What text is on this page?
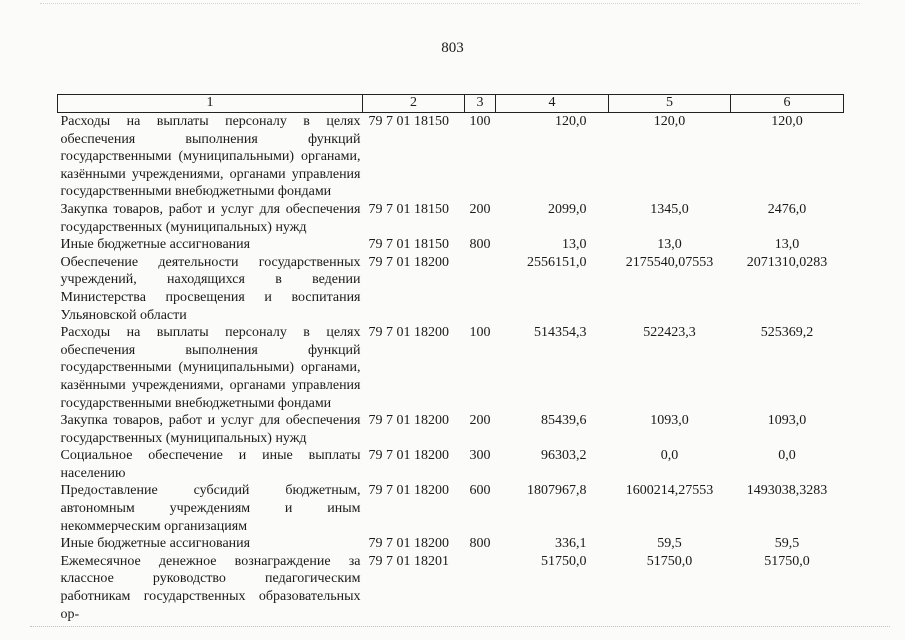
803
1	2	3	4	5	6
Расходы на выплаты персоналу в целях обеспечения выполнения функций государственными (муниципальными) органами, казёнными учреждениями, органами управления государственными внебюджетными фондами	79 7 01 18150	100	120,0	120,0	120,0
Закупка товаров, работ и услуг для обеспечения государственных (муниципальных) нужд	79 7 01 18150	200	2099,0	1345,0	2476,0
Иные бюджетные ассигнования	79 7 01 18150	800	13,0	13,0	13,0
Обеспечение деятельности государственных учреждений, находящихся в ведении Министерства просвещения и воспитания Ульяновской области	79 7 01 18200		2556151,0	2175540,07553	2071310,0283
Расходы на выплаты персоналу в целях обеспечения выполнения функций государственными (муниципальными) органами, казёнными учреждениями, органами управления государственными внебюджетными фондами	79 7 01 18200	100	514354,3	522423,3	525369,2
Закупка товаров, работ и услуг для обеспечения государственных (муниципальных) нужд	79 7 01 18200	200	85439,6	1093,0	1093,0
Социальное обеспечение и иные выплаты населению	79 7 01 18200	300	96303,2	0,0	0,0
Предоставление субсидий бюджетным, автономным учреждениям и иным некоммерческим организациям	79 7 01 18200	600	1807967,8	1600214,27553	1493038,3283
Иные бюджетные ассигнования	79 7 01 18200	800	336,1	59,5	59,5
Ежемесячное денежное вознаграждение за классное руководство педагогическим работникам государственных образовательных ор-	79 7 01 18201		51750,0	51750,0	51750,0
